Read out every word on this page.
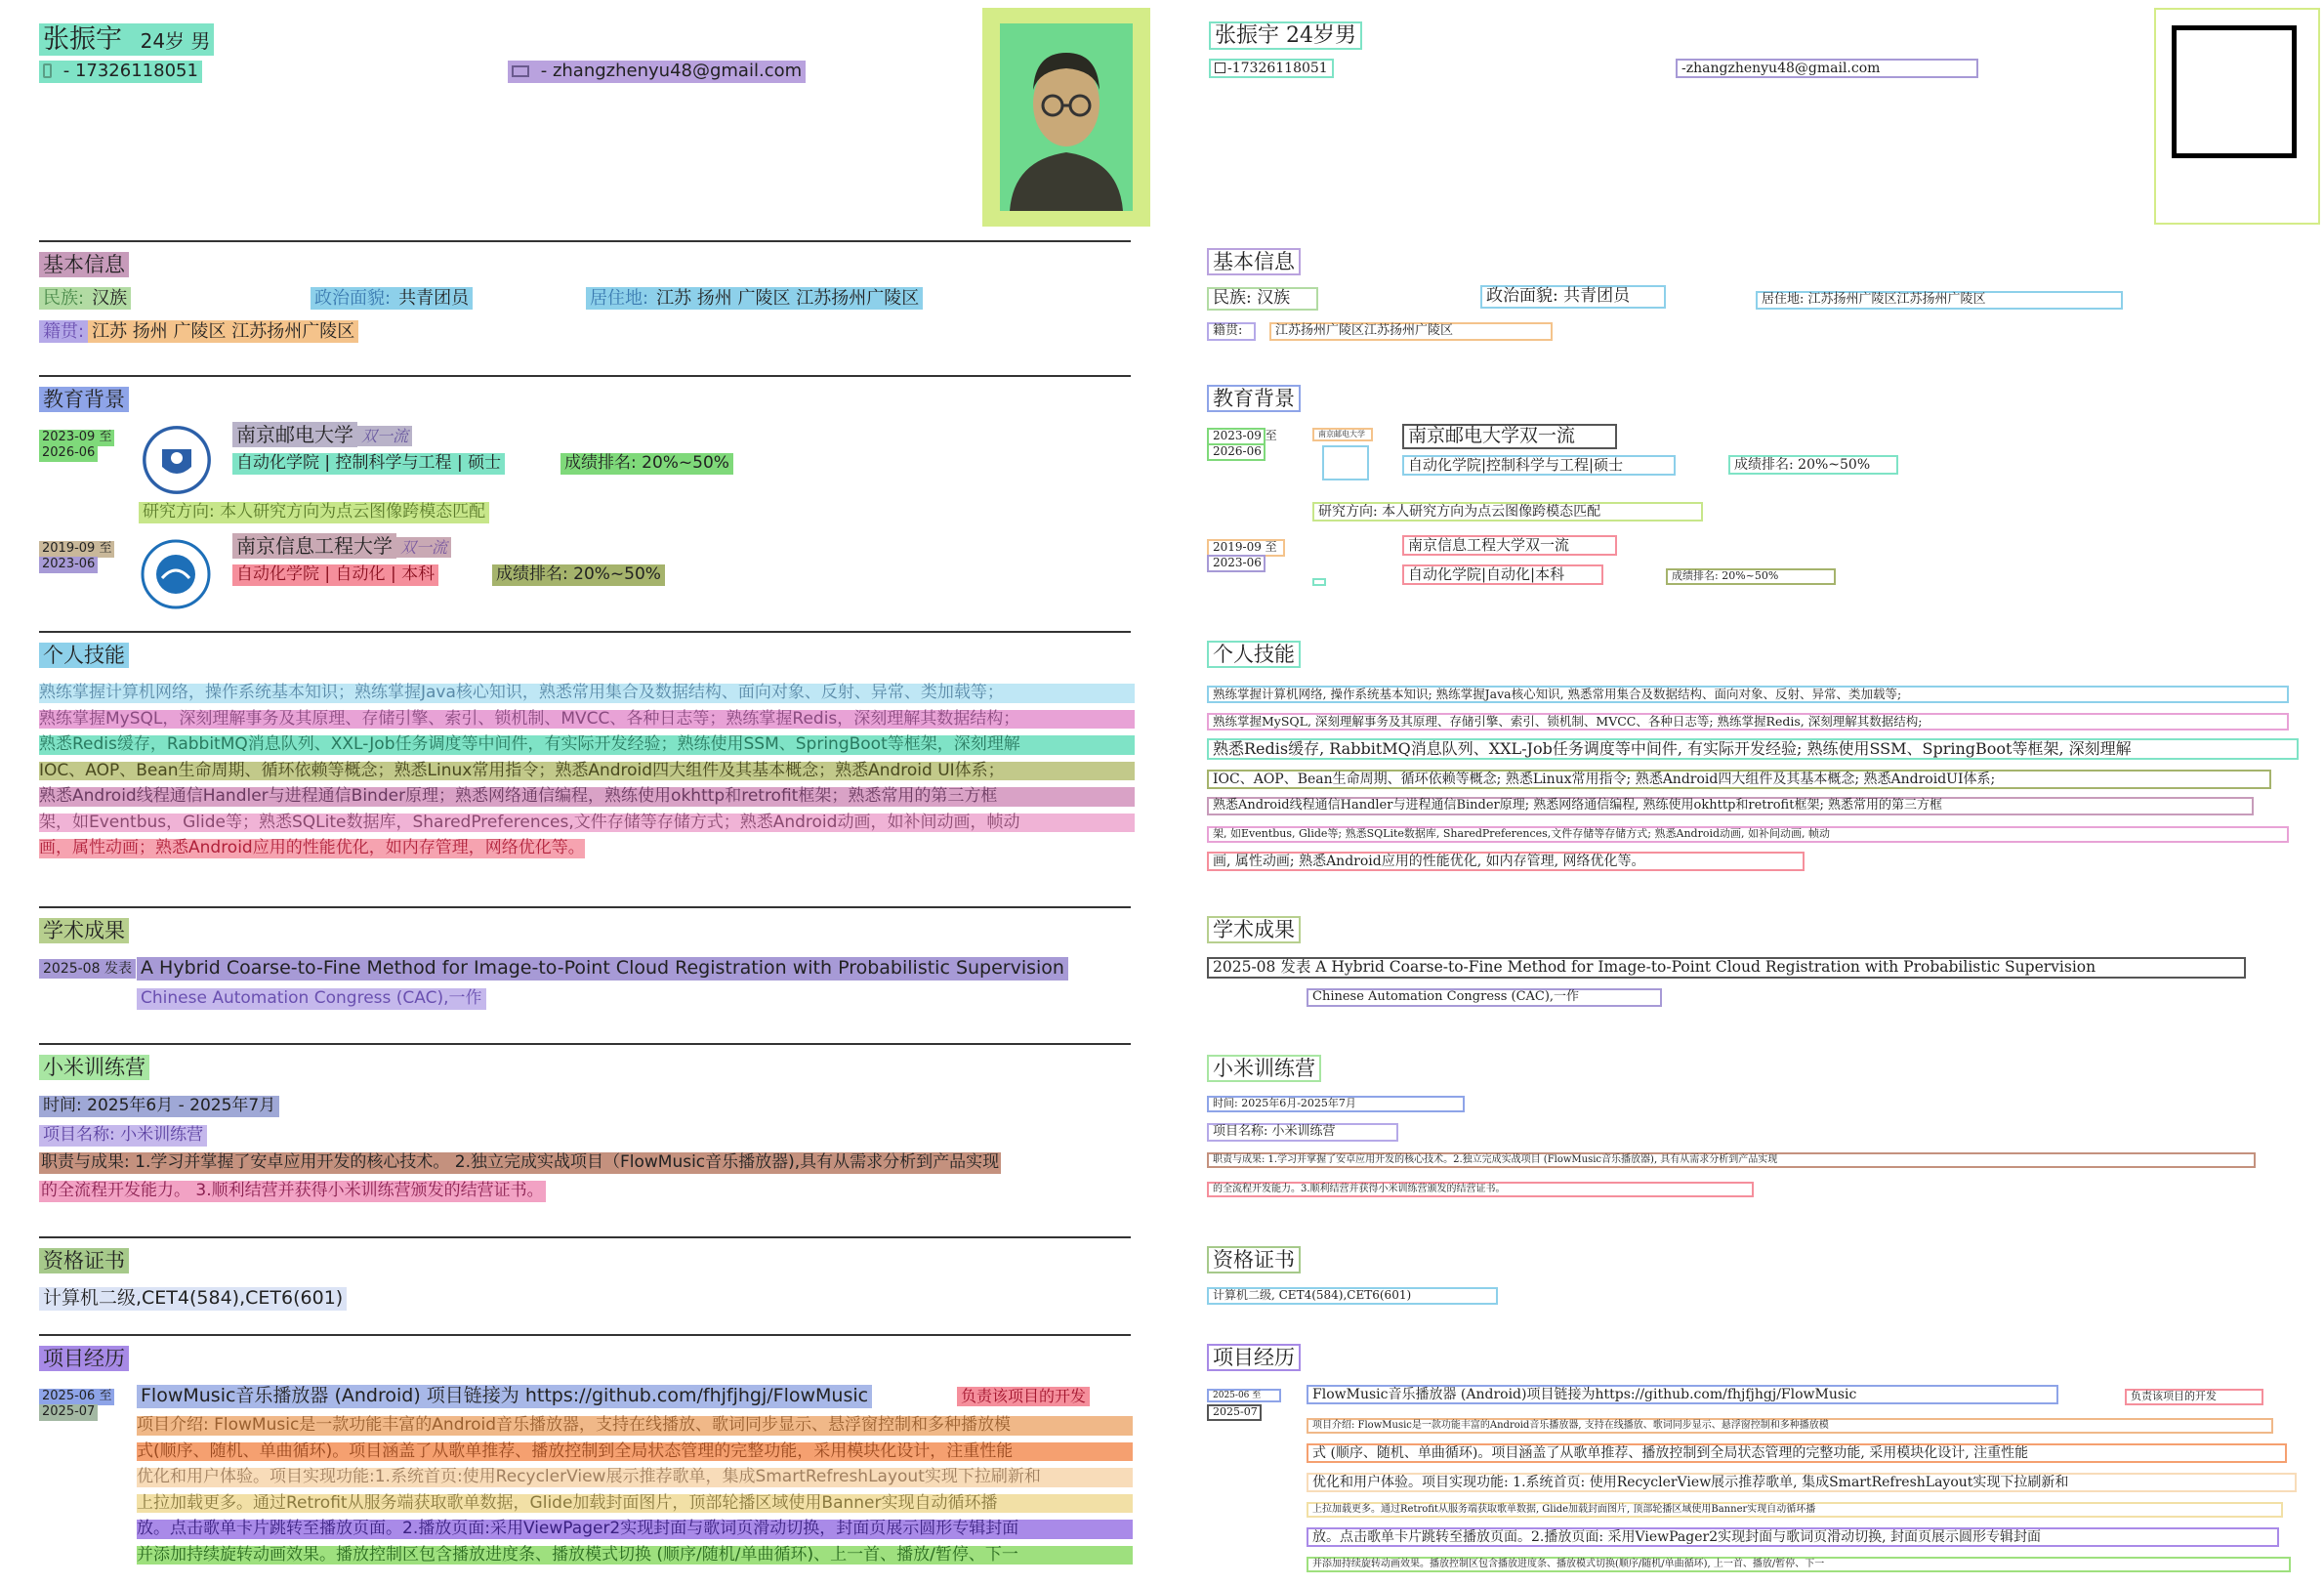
张振宇 24岁 男
- 17326118051	- zhangzhenyu48@gmail.com
基本信息
民族: 汉族	政治面貌: 共青团员	居住地: 江苏 扬州 广陵区 江苏扬州广陵区
籍贯: 江苏 扬州 广陵区 江苏扬州广陵区
教育背景
2023-09 至
2026-06
南京邮电大学 双一流
自动化学院 | 控制科学与工程 | 硕士	成绩排名: 20%~50%
研究方向: 本人研究方向为点云图像跨模态匹配
2019-09 至
2023-06
南京信息工程大学 双一流
自动化学院 | 自动化 | 本科	成绩排名: 20%~50%
个人技能
熟练掌握计算机网络，操作系统基本知识；熟练掌握Java核心知识，熟悉常用集合及数据结构、面向对象、反射、异常、类加载等；
熟练掌握MySQL，深刻理解事务及其原理、存储引擎、索引、锁机制、MVCC、各种日志等；熟练掌握Redis，深刻理解其数据结构；
熟悉Redis缓存，RabbitMQ消息队列、XXL-Job任务调度等中间件，有实际开发经验；熟练使用SSM、SpringBoot等框架，深刻理解
IOC、AOP、Bean生命周期、循环依赖等概念；熟悉Linux常用指令；熟悉Android四大组件及其基本概念；熟悉Android UI体系；
熟悉Android线程通信Handler与进程通信Binder原理；熟悉网络通信编程，熟练使用okhttp和retrofit框架；熟悉常用的第三方框
架，如Eventbus，Glide等；熟悉SQLite数据库，SharedPreferences,文件存储等存储方式；熟悉Android动画，如补间动画，帧动
画，属性动画；熟悉Android应用的性能优化，如内存管理，网络优化等。
学术成果
2025-08 发表 A Hybrid Coarse-to-Fine Method for Image-to-Point Cloud Registration with Probabilistic Supervision
Chinese Automation Congress (CAC),一作
小米训练营
时间: 2025年6月 - 2025年7月
项目名称: 小米训练营
职责与成果: 1.学习并掌握了安卓应用开发的核心技术。 2.独立完成实战项目（FlowMusic音乐播放器),具有从需求分析到产品实现
的全流程开发能力。 3.顺利结营并获得小米训练营颁发的结营证书。
资格证书
计算机二级,CET4(584),CET6(601)
项目经历
2025-06 至
2025-07
FlowMusic音乐播放器 (Android) 项目链接为 https://github.com/fhjfjhgj/FlowMusic	负责该项目的开发
项目介绍: FlowMusic是一款功能丰富的Android音乐播放器，支持在线播放、歌词同步显示、悬浮窗控制和多种播放模
式(顺序、随机、单曲循环)。项目涵盖了从歌单推荐、播放控制到全局状态管理的完整功能，采用模块化设计，注重性能
优化和用户体验。项目实现功能:1.系统首页:使用RecyclerView展示推荐歌单，集成SmartRefreshLayout实现下拉刷新和
上拉加载更多。通过Retrofit从服务端获取歌单数据，Glide加载封面图片，顶部轮播区域使用Banner实现自动循环播
放。点击歌单卡片跳转至播放页面。2.播放页面:采用ViewPager2实现封面与歌词页滑动切换，封面页展示圆形专辑封面
并添加持续旋转动画效果。播放控制区包含播放进度条、播放模式切换 (顺序/随机/单曲循环)、上一首、播放/暂停、下一
张振宇 24岁男
-17326118051	-zhangzhenyu48@gmail.com
基本信息
民族: 汉族	政治面貌: 共青团员	居住地: 江苏扬州广陵区江苏扬州广陵区
籍贯:	江苏扬州广陵区江苏扬州广陵区
教育背景
2023-09 至
2026-06
南京邮电大学	南京邮电大学双一流
自动化学院|控制科学与工程|硕士	成绩排名: 20%~50%
研究方向: 本人研究方向为点云图像跨模态匹配
2019-09 至
2023-06
南京信息工程大学双一流
自动化学院|自动化|本科	成绩排名: 20%~50%
个人技能
熟练掌握计算机网络, 操作系统基本知识; 熟练掌握Java核心知识, 熟悉常用集合及数据结构、面向对象、反射、异常、类加载等;
熟练掌握MySQL, 深刻理解事务及其原理、存储引擎、索引、锁机制、MVCC、各种日志等; 熟练掌握Redis, 深刻理解其数据结构;
熟悉Redis缓存, RabbitMQ消息队列、XXL-Job任务调度等中间件, 有实际开发经验; 熟练使用SSM、SpringBoot等框架, 深刻理解
IOC、AOP、Bean生命周期、循环依赖等概念; 熟悉Linux常用指令; 熟悉Android四大组件及其基本概念; 熟悉AndroidUI体系;
熟悉Android线程通信Handler与进程通信Binder原理; 熟悉网络通信编程, 熟练使用okhttp和retrofit框架; 熟悉常用的第三方框
架, 如Eventbus, Glide等; 熟悉SQLite数据库, SharedPreferences,文件存储等存储方式; 熟悉Android动画, 如补间动画, 帧动
画, 属性动画; 熟悉Android应用的性能优化, 如内存管理, 网络优化等。
学术成果
2025-08 发表 A Hybrid Coarse-to-Fine Method for Image-to-Point Cloud Registration with Probabilistic Supervision
Chinese Automation Congress (CAC),一作
小米训练营
时间: 2025年6月-2025年7月
项目名称: 小米训练营
职责与成果: 1.学习并掌握了安卓应用开发的核心技术。2.独立完成实战项目 (FlowMusic音乐播放器), 具有从需求分析到产品实现
的全流程开发能力。3.顺利结营并获得小米训练营颁发的结营证书。
资格证书
计算机二级, CET4(584),CET6(601)
项目经历
2025-06 至
2025-07
FlowMusic音乐播放器 (Android)项目链接为https://github.com/fhjfjhgj/FlowMusic	负责该项目的开发
项目介绍: FlowMusic是一款功能丰富的Android音乐播放器, 支持在线播放、歌词同步显示、悬浮窗控制和多种播放模
式 (顺序、随机、单曲循环)。项目涵盖了从歌单推荐、播放控制到全局状态管理的完整功能, 采用模块化设计, 注重性能
优化和用户体验。项目实现功能: 1.系统首页: 使用RecyclerView展示推荐歌单, 集成SmartRefreshLayout实现下拉刷新和
上拉加载更多。通过Retrofit从服务端获取歌单数据, Glide加载封面图片, 顶部轮播区域使用Banner实现自动循环播
放。点击歌单卡片跳转至播放页面。2.播放页面: 采用ViewPager2实现封面与歌词页滑动切换, 封面页展示圆形专辑封面
并添加持续旋转动画效果。播放控制区包含播放进度条、播放模式切换(顺序/随机/单曲循环), 上一首、播放/暂停、下一
